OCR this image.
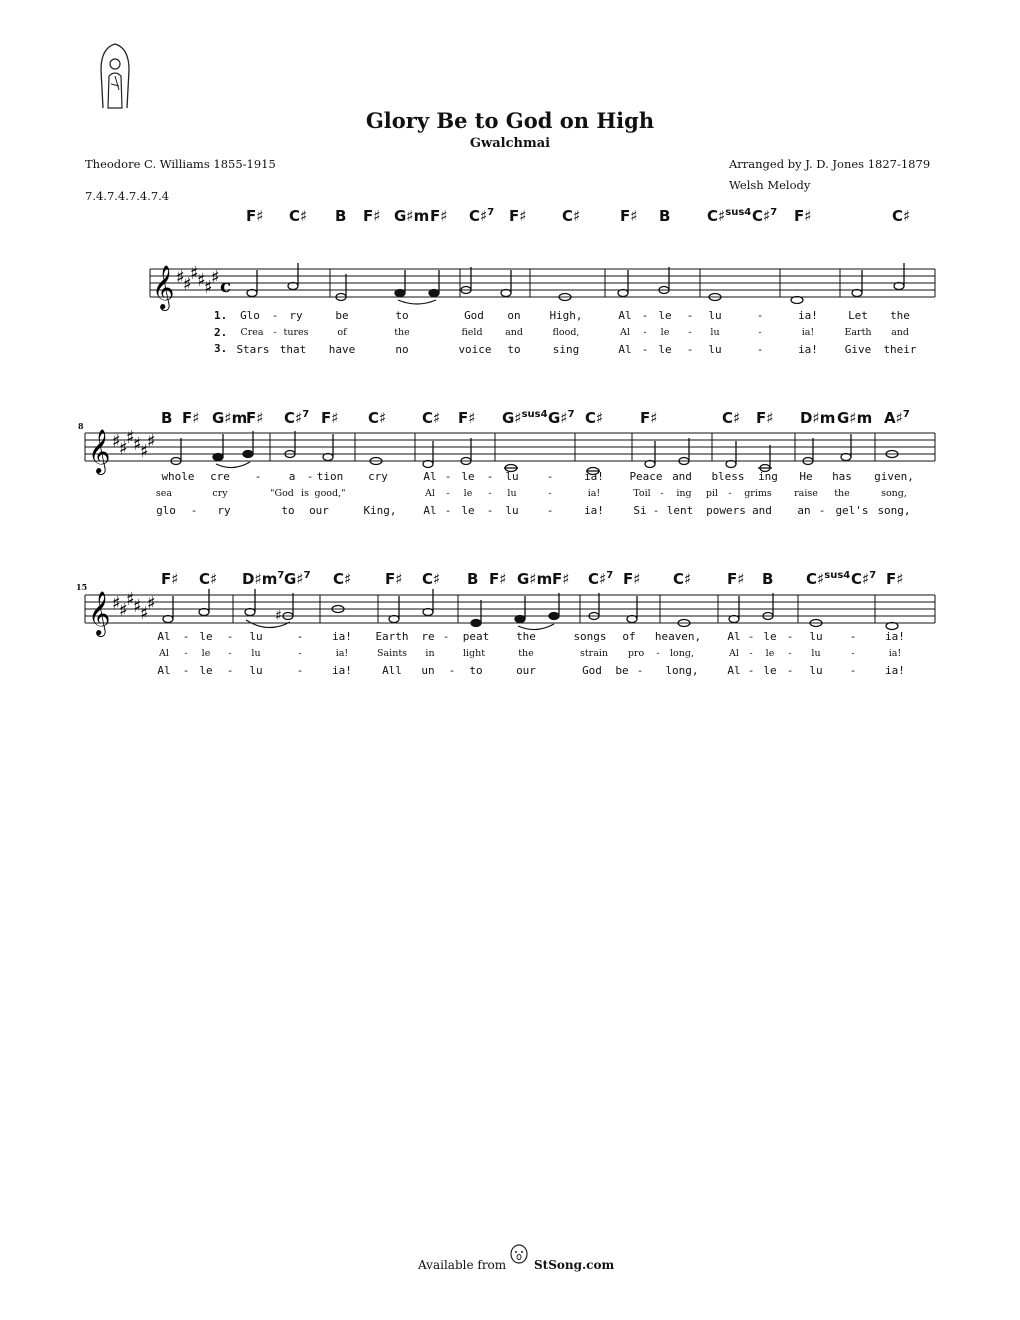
Glory Be to God on High
Gwalchmai
Theodore C. Williams 1855-1915	Arranged by J. D. Jones 1827-1879
Welsh Melody
7.4.7.4.7.4.7.4
F♯ C♯ B F♯ G♯m F♯ C♯$^7$ F♯ C♯	F♯ B C♯$^{sus4}$ C♯$^7$ F♯	C♯
𝄞 ♯
♯
♯
♯
♯
♯ c
1.
2.
3.
Glo - ry	be	to	God on	High,	Al - le - lu	-	ia!	Let the
Crea - tures	of	the	field and	flood,	Al - le - lu	-	ia!	Earth and
Stars that have	no	voice to	sing	Al - le - lu	-	ia! Give their
B F♯ G♯m
F♯ C♯$^7$ F♯ C♯ C♯ F♯ G♯$^{sus4}$ G♯$^7$ C♯ F♯	C♯ F♯ D♯m G♯m A♯$^7$
8
𝄞 ♯
♯
♯
♯
♯
♯
whole cre - a - tion cry	Al - le - lu	-	ia! Peace and bless ing He has given,
sea	cry	"God is good,"	Al - le - lu	-	ia!	Toil - ing pil - grims raise the	song,
glo - ry	to our	King, Al - le - lu	-	ia!	Si - lent powers and an - gel's song,
F♯ C♯ $D♯m^7$ G♯$^7$ C♯ F♯ C♯ B F♯ G♯m F♯ C♯$^7$ F♯ C♯ F♯ B C♯$^{sus4}$ C♯$^7$ F♯
15
𝄞 ♯
♯
♯
♯
♯
♯
♯
Al - le - lu	-	ia! Earth re - peat the	songs of heaven, Al - le - lu -	ia!
Al - le - lu	-	ia!	Saints in	light	the	strain pro - long,	Al - le - lu	-	ia!
Al - le - lu	-	ia!	All un - to	our	God be - long,	Al - le - lu -	ia!
Available from StSong.com
